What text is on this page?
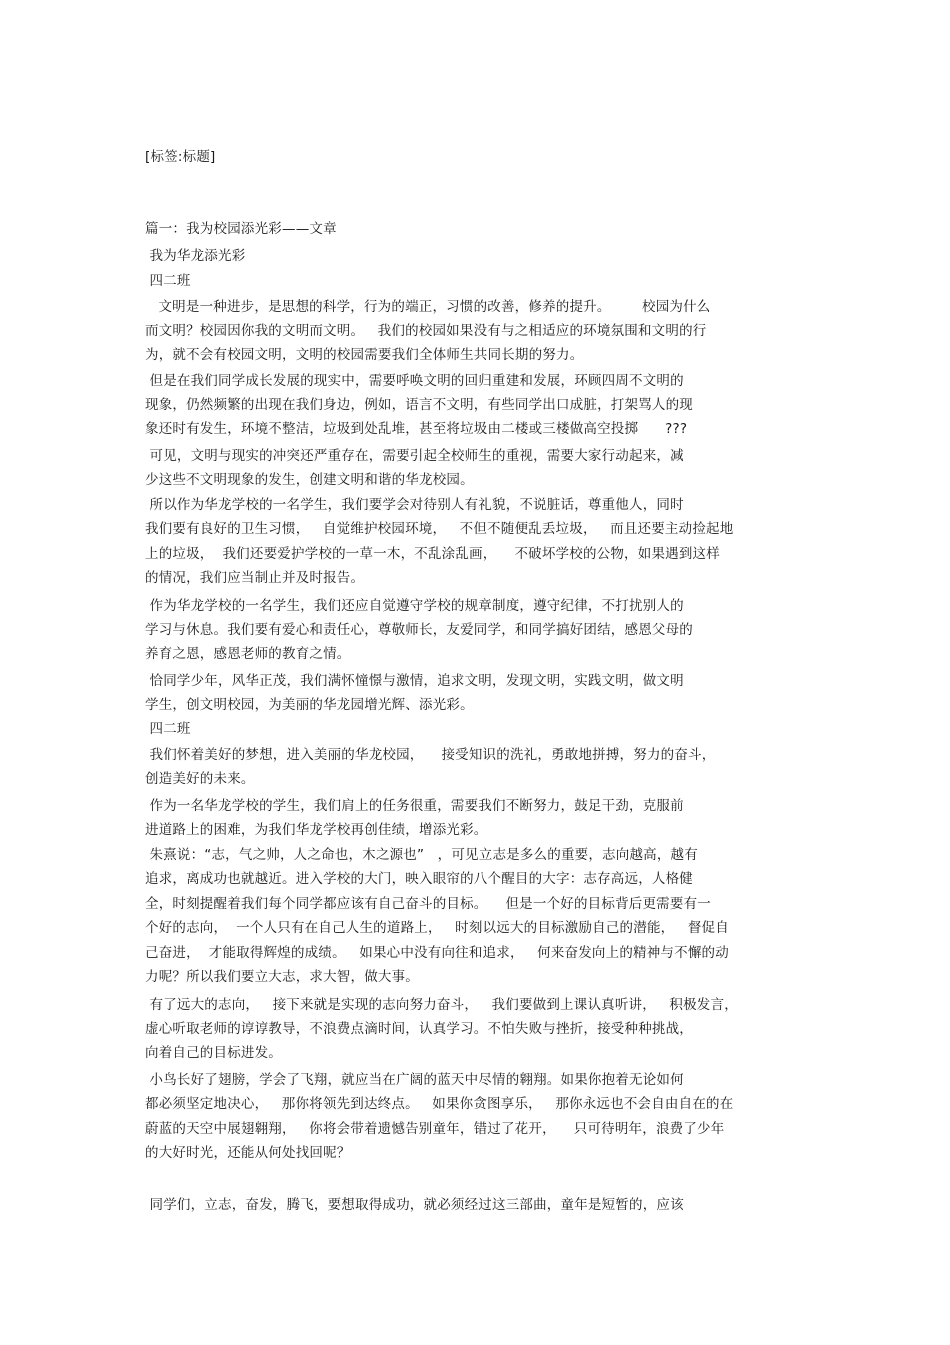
[标签:标题]
篇一：我为校园添光彩——文章
我为华龙添光彩
四二班
文明是一种进步，是思想的科学，行为的端正，习惯的改善，修养的提升。       校园为什么
而文明？校园因你我的文明而文明。   我们的校园如果没有与之相适应的环境氛围和文明的行
为，就不会有校园文明，文明的校园需要我们全体师生共同长期的努力。
但是在我们同学成长发展的现实中，需要呼唤文明的回归重建和发展，环顾四周不文明的
现象，仍然频繁的出现在我们身边，例如，语言不文明，有些同学出口成脏，打架骂人的现
象还时有发生，环境不整洁，垃圾到处乱堆，甚至将垃圾由二楼或三楼做高空投掷      ???
可见，文明与现实的冲突还严重存在，需要引起全校师生的重视，需要大家行动起来，减
少这些不文明现象的发生，创建文明和谐的华龙校园。
所以作为华龙学校的一名学生，我们要学会对待别人有礼貌，不说脏话，尊重他人，同时
我们要有良好的卫生习惯，   自觉维护校园环境，   不但不随便乱丢垃圾，   而且还要主动捡起地
上的垃圾，  我们还要爱护学校的一草一木，不乱涂乱画，    不破坏学校的公物，如果遇到这样
的情况，我们应当制止并及时报告。
作为华龙学校的一名学生，我们还应自觉遵守学校的规章制度，遵守纪律，不打扰别人的
学习与休息。我们要有爱心和责任心，尊敬师长，友爱同学，和同学搞好团结，感恩父母的
养育之恩，感恩老师的教育之情。
恰同学少年，风华正茂，我们满怀憧憬与激情，追求文明，发现文明，实践文明，做文明
学生，创文明校园，为美丽的华龙园增光辉、添光彩。
四二班
我们怀着美好的梦想，进入美丽的华龙校园，    接受知识的洗礼，勇敢地拼搏，努力的奋斗，
创造美好的未来。
作为一名华龙学校的学生，我们肩上的任务很重，需要我们不断努力，鼓足干劲，克服前
进道路上的困难，为我们华龙学校再创佳绩，增添光彩。
朱熹说：“志，气之帅，人之命也，木之源也”   ，可见立志是多么的重要，志向越高，越有
追求，离成功也就越近。进入学校的大门，映入眼帘的八个醒目的大字：志存高远，人格健
全，时刻提醒着我们每个同学都应该有自己奋斗的目标。    但是一个好的目标背后更需要有一
个好的志向，  一个人只有在自己人生的道路上，   时刻以远大的目标激励自己的潜能，   督促自
己奋进，  才能取得辉煌的成绩。   如果心中没有向往和追求，   何来奋发向上的精神与不懈的动
力呢？所以我们要立大志，求大智，做大事。
有了远大的志向，   接下来就是实现的志向努力奋斗，   我们要做到上课认真听讲，   积极发言，
虚心听取老师的谆谆教导，不浪费点滴时间，认真学习。不怕失败与挫折，接受种种挑战，
向着自己的目标进发。
小鸟长好了翅膀，学会了飞翔，就应当在广阔的蓝天中尽情的翱翔。如果你抱着无论如何
都必须坚定地决心，   那你将领先到达终点。   如果你贪图享乐，   那你永远也不会自由自在的在
蔚蓝的天空中展翅翱翔，   你将会带着遗憾告别童年，错过了花开，    只可待明年，浪费了少年
的大好时光，还能从何处找回呢？
同学们，立志，奋发，腾飞，要想取得成功，就必须经过这三部曲，童年是短暂的，应该
